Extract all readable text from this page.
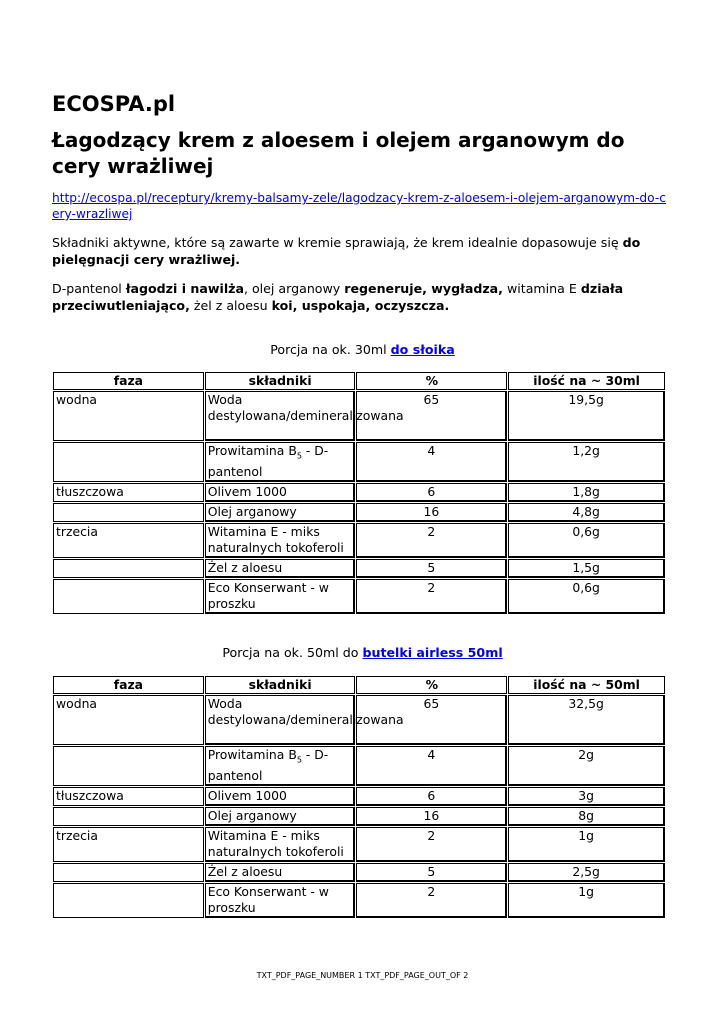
ECOSPA.pl
Łagodzący krem z aloesem i olejem arganowym do cery wrażliwej
http://ecospa.pl/receptury/kremy-balsamy-zele/lagodzacy-krem-z-aloesem-i-olejem-arganowym-do-cery-wrazliwej

Składniki aktywne, które są zawarte w kremie sprawiają, że krem idealnie dopasowuje się do pielęgnacji cery wrażliwej.

D-pantenol łagodzi i nawilża, olej arganowy regeneruje, wygładza, witamina E działa przeciwutleniająco, żel z aloesu koi, uspokaja, oczyszcza.

Porcja na ok. 30ml do słoika
faza	składniki	%	ilość na ~ 30ml
wodna	Woda destylowana/demineralizowana	65	19,5g
	Prowitamina $B_5$ - D-pantenol	4	1,2g
tłuszczowa	Olivem 1000	6	1,8g
	Olej arganowy	16	4,8g
trzecia	Witamina E - miks naturalnych tokoferoli	2	0,6g
	Żel z aloesu	5	1,5g
	Eco Konserwant - w proszku	2	0,6g
Porcja na ok. 50ml do butelki airless 50ml
faza	składniki	%	ilość na ~ 50ml
wodna	Woda destylowana/demineralizowana	65	32,5g
	Prowitamina $B_5$ - D-pantenol	4	2g
tłuszczowa	Olivem 1000	6	3g
	Olej arganowy	16	8g
trzecia	Witamina E - miks naturalnych tokoferoli	2	1g
	Żel z aloesu	5	2,5g
	Eco Konserwant - w proszku	2	1g
TXT_PDF_PAGE_NUMBER 1 TXT_PDF_PAGE_OUT_OF 2
